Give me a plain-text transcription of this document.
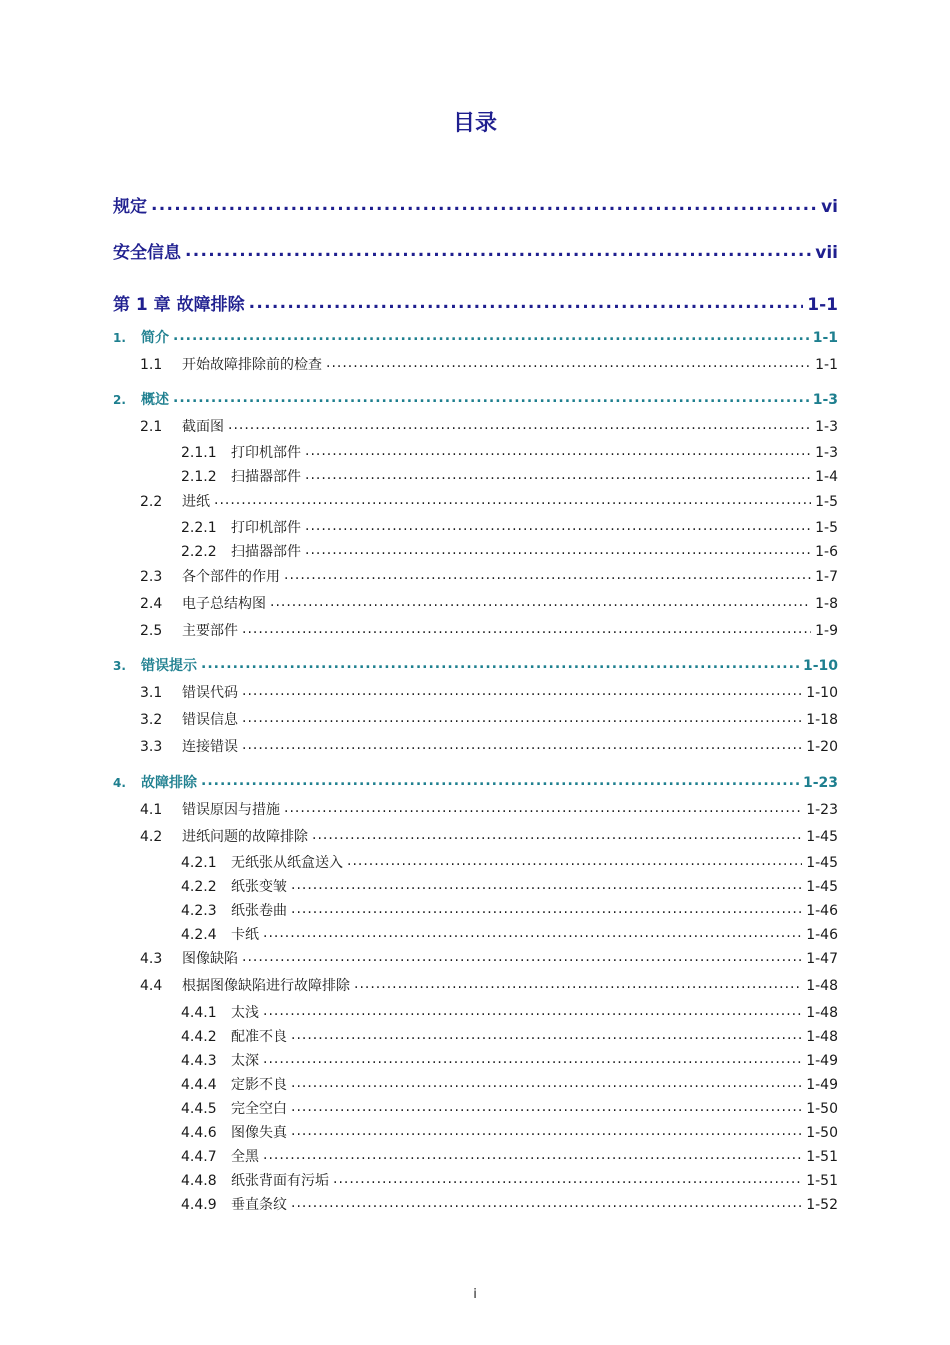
目录
规定 .....	vi
安全信息 .....	vii
第 1 章 故障排除 .....	1-1
1.	简介 .....	1-1
1.1	开始故障排除前的检查 .....	1-1
2.	概述 .....	1-3
2.1	截面图 .....	1-3
2.1.1	打印机部件 .....	1-3
2.1.2	扫描器部件 .....	1-4
2.2	进纸 .....	1-5
2.2.1	打印机部件 .....	1-5
2.2.2	扫描器部件 .....	1-6
2.3	各个部件的作用 .....	1-7
2.4	电子总结构图 .....	1-8
2.5	主要部件 .....	1-9
3.	错误提示 .....	1-10
3.1	错误代码 .....	1-10
3.2	错误信息 .....	1-18
3.3	连接错误 .....	1-20
4.	故障排除 .....	1-23
4.1	错误原因与措施 .....	1-23
4.2	进纸问题的故障排除 .....	1-45
4.2.1	无纸张从纸盒送入 .....	1-45
4.2.2	纸张变皱 .....	1-45
4.2.3	纸张卷曲 .....	1-46
4.2.4	卡纸 .....	1-46
4.3	图像缺陷 .....	1-47
4.4	根据图像缺陷进行故障排除 .....	1-48
4.4.1	太浅 .....	1-48
4.4.2	配准不良 .....	1-48
4.4.3	太深 .....	1-49
4.4.4	定影不良 .....	1-49
4.4.5	完全空白 .....	1-50
4.4.6	图像失真 .....	1-50
4.4.7	全黑 .....	1-51
4.4.8	纸张背面有污垢 .....	1-51
4.4.9	垂直条纹 .....	1-52
i
